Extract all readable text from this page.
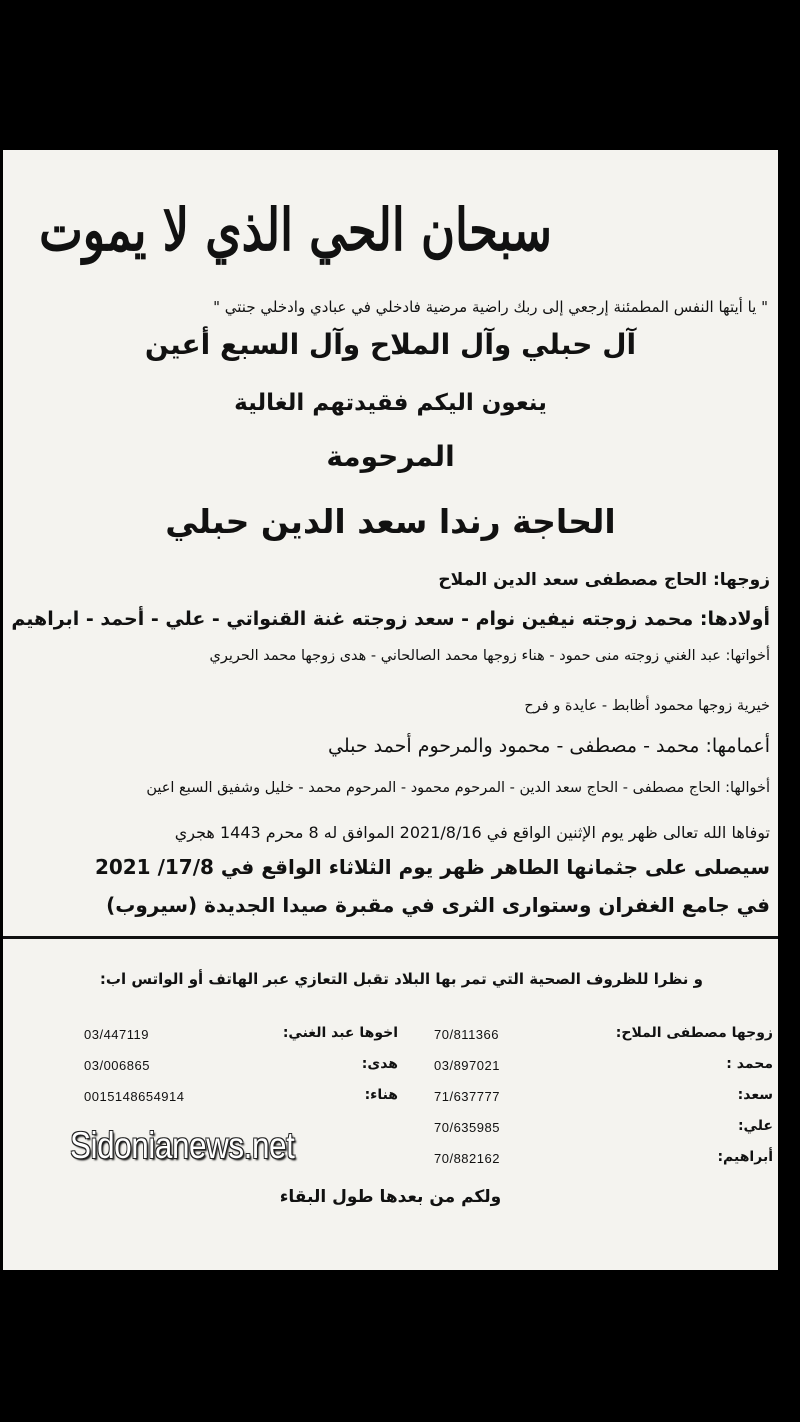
سبحان الحي الذي لا يموت
" يا أيتها النفس المطمئنة إرجعي إلى ربك راضية مرضية فادخلي في عبادي وادخلي جنتي "
آل حبلي وآل الملاح وآل السبع أعين
ينعون اليكم فقيدتهم الغالية
المرحومة
الحاجة رندا سعد الدين حبلي
زوجها: الحاج مصطفى سعد الدين الملاح
أولادها: محمد زوجته نيفين نوام - سعد زوجته غنة القنواتي - علي - أحمد - ابراهيم
أخواتها: عبد الغني زوجته منى حمود - هناء زوجها محمد الصالحاني - هدى زوجها محمد الحريري
خيرية زوجها محمود أظابط - عايدة و فرح
أعمامها: محمد - مصطفى - محمود والمرحوم أحمد حبلي
أخوالها: الحاج مصطفى - الحاج سعد الدين - المرحوم محمود - المرحوم محمد - خليل وشفيق السبع اعين
توفاها الله تعالى ظهر يوم الإثنين الواقع في 2021/8/16 الموافق له 8 محرم 1443 هجري
سيصلى على جثمانها الطاهر ظهر يوم الثلاثاء الواقع في 17/8/ 2021
في جامع الغفران وستوارى الثرى في مقبرة صيدا الجديدة (سيروب)
و نظرا للظروف الصحية التي تمر بها البلاد تقبل التعازي عبر الهاتف أو الواتس اب:
زوجها مصطفى الملاح:
70/811366
محمد :
03/897021
سعد:
71/637777
علي:
70/635985
أبراهيم:
70/882162
اخوها عبد الغني:
03/447119
هدى:
03/006865
هناء:
0015148654914
ولكم من بعدها طول البقاء
Sidonianews.net
